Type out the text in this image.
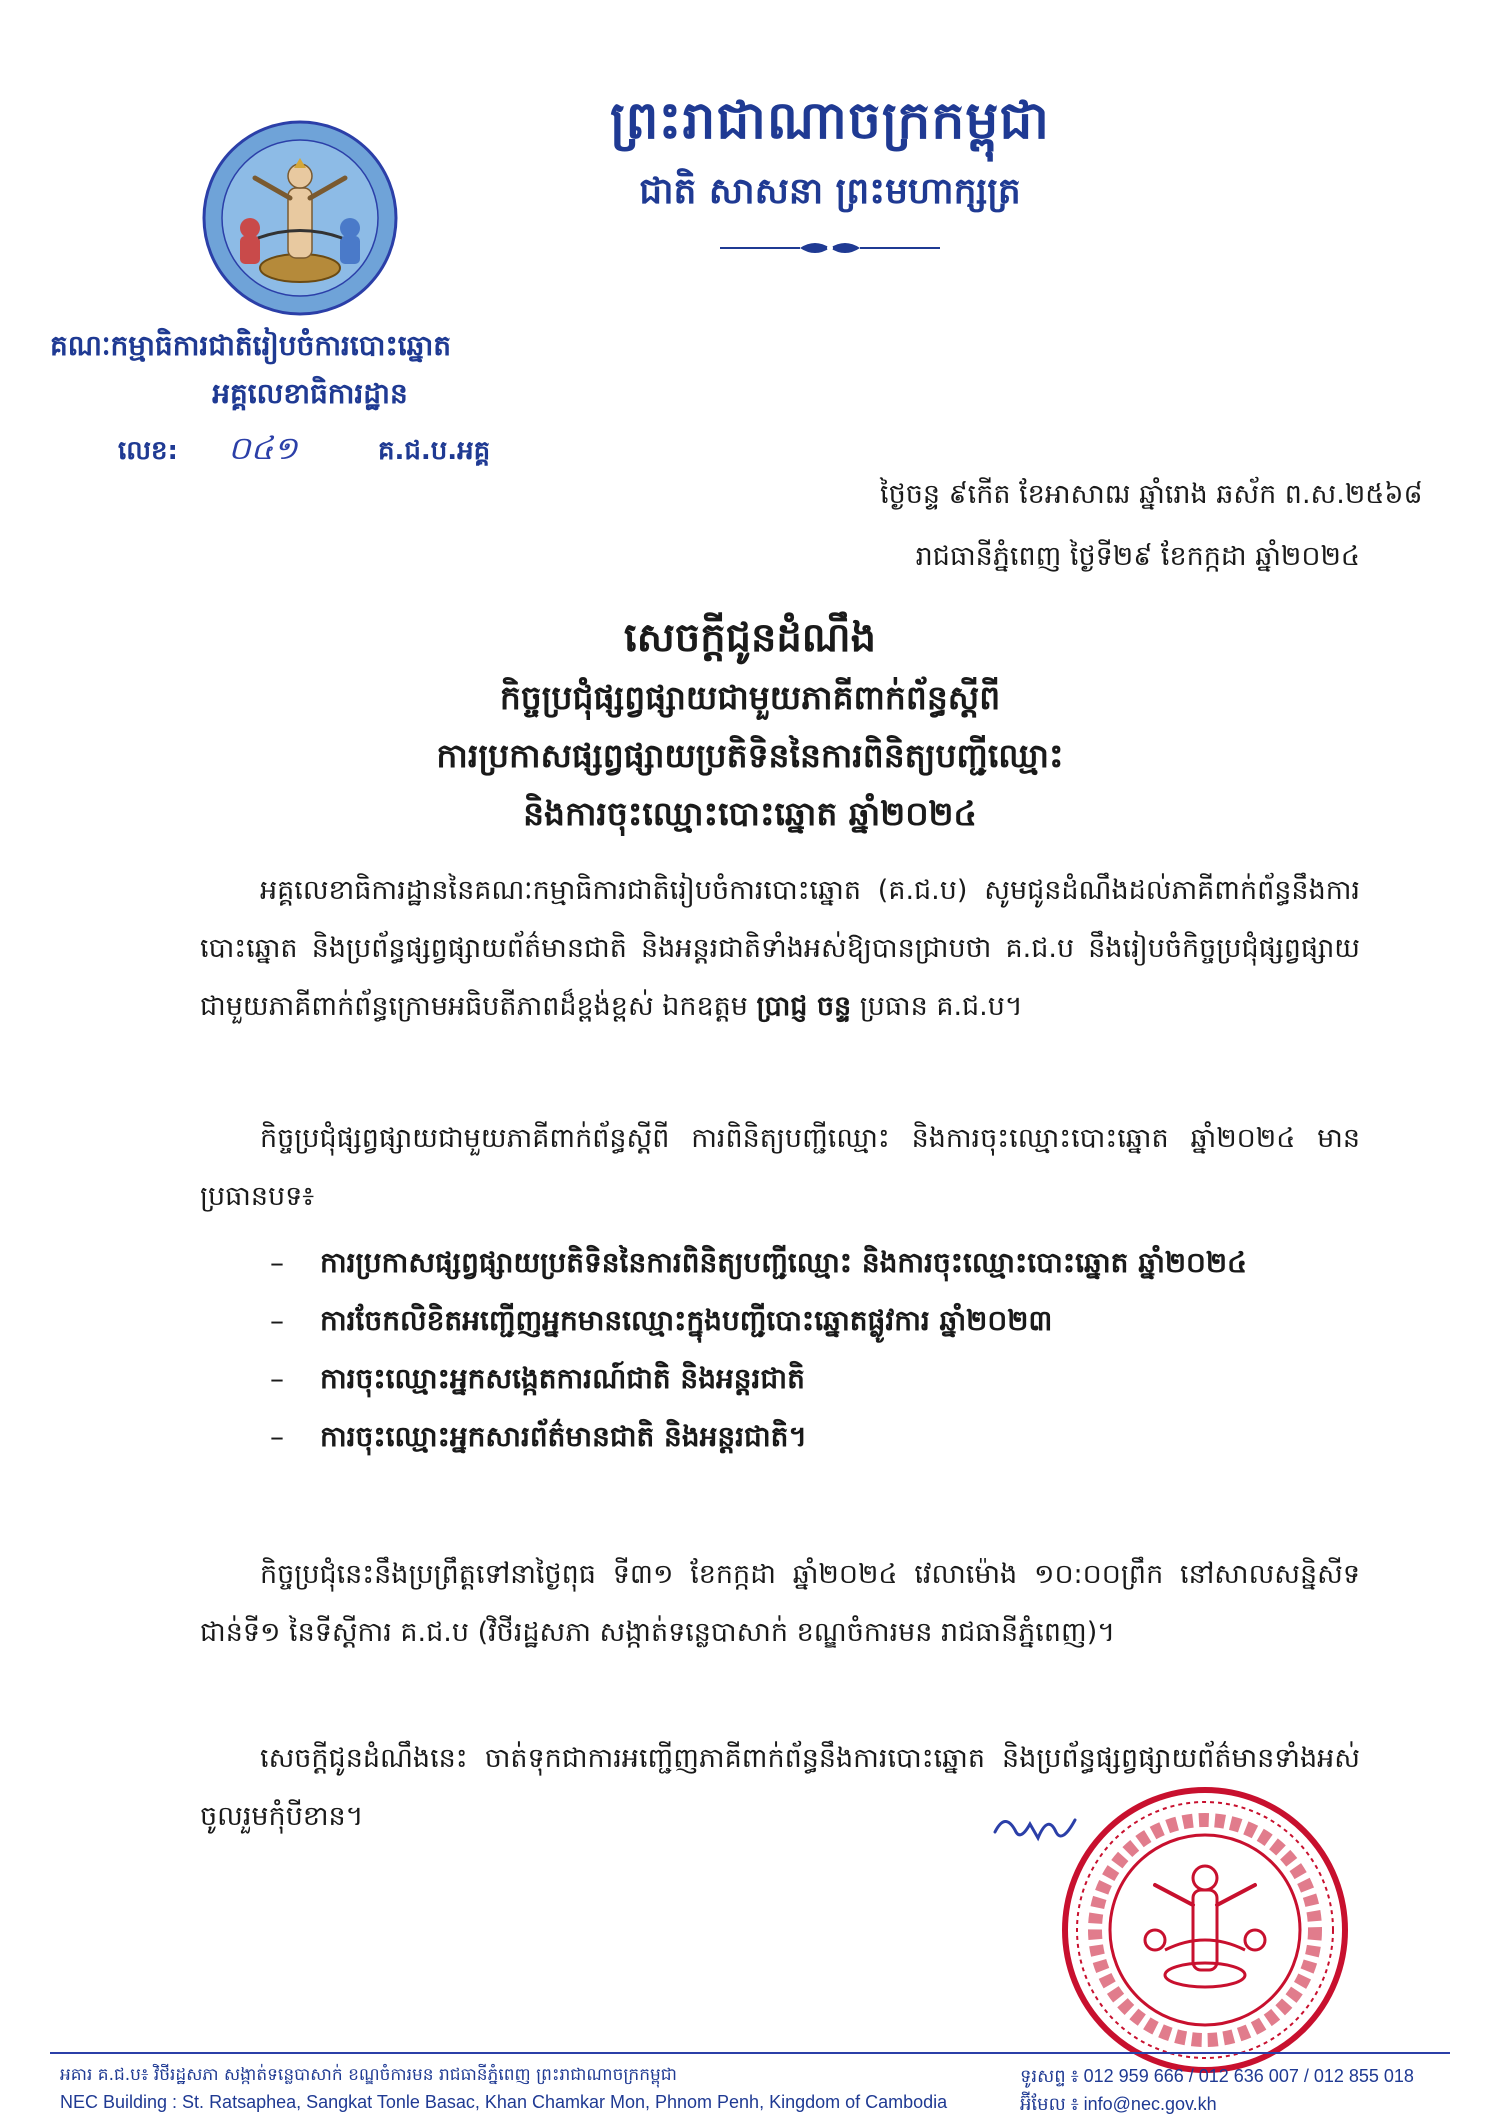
ព្រះរាជាណាចក្រកម្ពុជា
ជាតិ សាសនា ព្រះមហាក្សត្រ
គណៈកម្មាធិការជាតិរៀបចំការបោះឆ្នោត
អគ្គលេខាធិការដ្ឋាន
លេខ: ០៤១	គ.ជ.ប.អគ្គ
ថ្ងៃចន្ទ ៩កើត ខែអាសាឍ ឆ្នាំរោង ឆស័ក ព.ស.២៥៦៨
រាជធានីភ្នំពេញ ថ្ងៃទី២៩ ខែកក្កដា ឆ្នាំ២០២៤
សេចក្តីជូនដំណឹង
កិច្ចប្រជុំផ្សព្វផ្សាយជាមួយភាគីពាក់ព័ន្ធស្តីពី
ការប្រកាសផ្សព្វផ្សាយប្រតិទិននៃការពិនិត្យបញ្ជីឈ្មោះ
និងការចុះឈ្មោះបោះឆ្នោត ឆ្នាំ២០២៤
អគ្គលេខាធិការដ្ឋាននៃគណៈកម្មាធិការជាតិរៀបចំការបោះឆ្នោត (គ.ជ.ប) សូមជូនដំណឹងដល់ភាគីពាក់ព័ន្ធនឹងការបោះឆ្នោត និងប្រព័ន្ធផ្សព្វផ្សាយព័ត៌មានជាតិ និងអន្តរជាតិទាំងអស់ឱ្យបានជ្រាបថា គ.ជ.ប នឹងរៀបចំកិច្ចប្រជុំផ្សព្វផ្សាយជាមួយភាគីពាក់ព័ន្ធក្រោមអធិបតីភាពដ៏ខ្ពង់ខ្ពស់ ឯកឧត្តម ប្រាជ្ញ ចន្ទ ប្រធាន គ.ជ.ប។
កិច្ចប្រជុំផ្សព្វផ្សាយជាមួយភាគីពាក់ព័ន្ធស្តីពី ការពិនិត្យបញ្ជីឈ្មោះ និងការចុះឈ្មោះបោះឆ្នោត ឆ្នាំ២០២៤ មានប្រធានបទ៖
– ការប្រកាសផ្សព្វផ្សាយប្រតិទិននៃការពិនិត្យបញ្ជីឈ្មោះ និងការចុះឈ្មោះបោះឆ្នោត ឆ្នាំ២០២៤
– ការចែកលិខិតអញ្ជើញអ្នកមានឈ្មោះក្នុងបញ្ជីបោះឆ្នោតផ្លូវការ ឆ្នាំ២០២៣
– ការចុះឈ្មោះអ្នកសង្កេតការណ៍ជាតិ និងអន្តរជាតិ
– ការចុះឈ្មោះអ្នកសារព័ត៌មានជាតិ និងអន្តរជាតិ។
កិច្ចប្រជុំនេះនឹងប្រព្រឹត្តទៅនាថ្ងៃពុធ ទី៣១ ខែកក្កដា ឆ្នាំ២០២៤ វេលាម៉ោង ១០:០០ព្រឹក នៅសាលសន្និសីទជាន់ទី១ នៃទីស្តីការ គ.ជ.ប (វិថីរដ្ឋសភា សង្កាត់ទន្លេបាសាក់ ខណ្ឌចំការមន រាជធានីភ្នំពេញ)។
សេចក្តីជូនដំណឹងនេះ ចាត់ទុកជាការអញ្ជើញភាគីពាក់ព័ន្ធនឹងការបោះឆ្នោត និងប្រព័ន្ធផ្សព្វផ្សាយព័ត៌មានទាំងអស់ចូលរួមកុំបីខាន។
អគារ គ.ជ.ប៖ វិថីរដ្ឋសភា សង្កាត់ទន្លេបាសាក់ ខណ្ឌចំការមន រាជធានីភ្នំពេញ ព្រះរាជាណាចក្រកម្ពុជា
NEC Building : St. Ratsaphea, Sangkat Tonle Basac, Khan Chamkar Mon, Phnom Penh, Kingdom of Cambodia
ទូរសព្ទ ៖ 012 959 666 / 012 636 007 / 012 855 018
អ៊ីមែល ៖ info@nec.gov.kh
